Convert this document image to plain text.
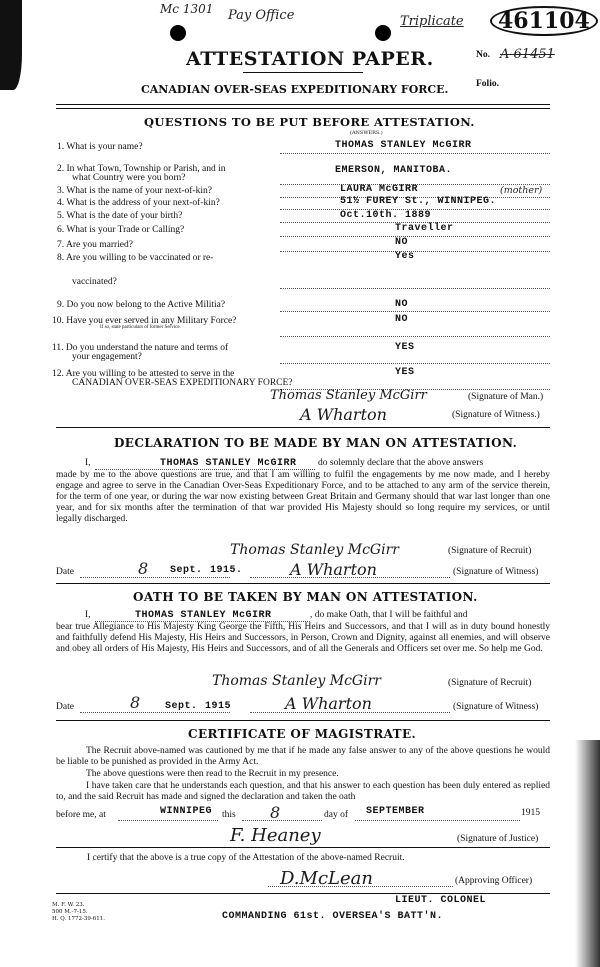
Mc 1301 Pay Office	Triplicate	461104
ATTESTATION PAPER.	No. A 61451
Folio.
CANADIAN OVER-SEAS EXPEDITIONARY FORCE.
QUESTIONS TO BE PUT BEFORE ATTESTATION.
(ANSWERS.)
1. What is your name?	THOMAS STANLEY McGIRR
2. In what Town, Township or Parish, and in
what Country were you born?
EMERSON, MANITOBA.
3. What is the name of your next-of-kin?	LAURA McGIRR	(mother)
4. What is the address of your next-of-kin?	51½ FUREY St., WINNIPEG.
5. What is the date of your birth?	Oct.10th. 1889
6. What is your Trade or Calling?	Traveller
7. Are you married?	NO
8. Are you willing to be vaccinated or re-
vaccinated?
Yes
9. Do you now belong to the Active Militia?	NO
10. Have you ever served in any Military Force?
If so, state particulars of former Service.
NO
11. Do you understand the nature and terms of
your engagement?
YES
12. Are you willing to be attested to serve in the
CANADIAN OVER-SEAS EXPEDITIONARY FORCE?
YES
Thomas Stanley McGirr	(Signature of Man.)
A Wharton	(Signature of Witness.)
DECLARATION TO BE MADE BY MAN ON ATTESTATION.
I,	THOMAS STANLEY McGIRR do solemnly declare that the above answers
made by me to the above questions are true, and that I am willing to fulfil the engagements by me now made, and I hereby engage and agree to serve in the Canadian Over-Seas Expeditionary Force, and to be attached to any arm of the service therein, for the term of one year, or during the war now existing between Great Britain and Germany should that war last longer than one year, and for six months after the termination of that war provided His Majesty should so long require my services, or until legally discharged.
Thomas Stanley McGirr	(Signature of Recruit)
Date	8 Sept. 1915.	A Wharton	(Signature of Witness)
OATH TO BE TAKEN BY MAN ON ATTESTATION.
I,	THOMAS STANLEY McGIRR	, do make Oath, that I will be faithful and
bear true Allegiance to His Majesty King George the Fifth, His Heirs and Successors, and that I will as in duty bound honestly and faithfully defend His Majesty, His Heirs and Successors, in Person, Crown and Dignity, against all enemies, and will observe and obey all orders of His Majesty, His Heirs and Successors, and of all the Generals and Officers set over me. So help me God.
Thomas Stanley McGirr	(Signature of Recruit)
Date	8 Sept. 1915	A Wharton	(Signature of Witness)
CERTIFICATE OF MAGISTRATE.
The Recruit above-named was cautioned by me that if he made any false answer to any of the above questions he would be liable to be punished as provided in the Army Act.
The above questions were then read to the Recruit in my presence.
I have taken care that he understands each question, and that his answer to each question has been duly entered as replied to, and the said Recruit has made and signed the declaration and taken the oath
before me, at	WINNIPEG this 8	day of SEPTEMBER	1915
F. Heaney	(Signature of Justice)
I certify that the above is a true copy of the Attestation of the above-named Recruit.
D.McLean	(Approving Officer)
LIEUT. COLONEL
COMMANDING 61st. OVERSEA'S BATT'N.
M. F. W. 23.
500 M.-7-15.
H. Q. 1772-39-611.
